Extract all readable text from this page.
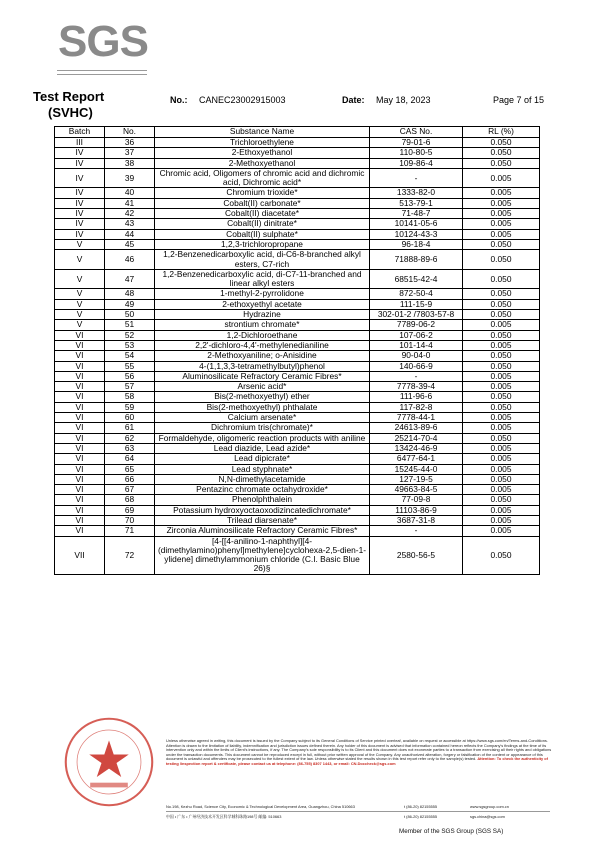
SGS
Test Report
(SVHC)
No.: CANEC23002915003	Date: May 18, 2023	Page 7 of 15
Batch	No.	Substance Name	CAS No.	RL (%)
III	36	Trichloroethylene	79-01-6	0.050
IV	37	2-Ethoxyethanol	110-80-5	0.050
IV	38	2-Methoxyethanol	109-86-4	0.050
IV	39	Chromic acid, Oligomers of chromic acid and dichromic acid, Dichromic acid*	-	0.005
IV	40	Chromium trioxide*	1333-82-0	0.005
IV	41	Cobalt(II) carbonate*	513-79-1	0.005
IV	42	Cobalt(II) diacetate*	71-48-7	0.005
IV	43	Cobalt(II) dinitrate*	10141-05-6	0.005
IV	44	Cobalt(II) sulphate*	10124-43-3	0.005
V	45	1,2,3-trichloropropane	96-18-4	0.050
V	46	1,2-Benzenedicarboxylic acid, di-C6-8-branched alkyl esters, C7-rich	71888-89-6	0.050
V	47	1,2-Benzenedicarboxylic acid, di-C7-11-branched and linear alkyl esters	68515-42-4	0.050
V	48	1-methyl-2-pyrrolidone	872-50-4	0.050
V	49	2-ethoxyethyl acetate	111-15-9	0.050
V	50	Hydrazine	302-01-2 /7803-57-8	0.050
V	51	strontium chromate*	7789-06-2	0.005
VI	52	1,2-Dichloroethane	107-06-2	0.050
VI	53	2,2'-dichloro-4,4'-methylenedianiline	101-14-4	0.005
VI	54	2-Methoxyaniline; o-Anisidine	90-04-0	0.050
VI	55	4-(1,1,3,3-tetramethylbutyl)phenol	140-66-9	0.050
VI	56	Aluminosilicate Refractory Ceramic Fibres*	-	0.005
VI	57	Arsenic acid*	7778-39-4	0.005
VI	58	Bis(2-methoxyethyl) ether	111-96-6	0.050
VI	59	Bis(2-methoxyethyl) phthalate	117-82-8	0.050
VI	60	Calcium arsenate*	7778-44-1	0.005
VI	61	Dichromium tris(chromate)*	24613-89-6	0.005
VI	62	Formaldehyde, oligomeric reaction products with aniline	25214-70-4	0.050
VI	63	Lead diazide, Lead azide*	13424-46-9	0.005
VI	64	Lead dipicrate*	6477-64-1	0.005
VI	65	Lead styphnate*	15245-44-0	0.005
VI	66	N,N-dimethylacetamide	127-19-5	0.050
VI	67	Pentazinc chromate octahydroxide*	49663-84-5	0.005
VI	68	Phenolphthalein	77-09-8	0.050
VI	69	Potassium hydroxyoctaoxodizincatedichromate*	11103-86-9	0.005
VI	70	Trilead diarsenate*	3687-31-8	0.005
VI	71	Zirconia Aluminosilicate Refractory Ceramic Fibres*	-	0.005
VII	72	[4-[[4-anilino-1-naphthyl][4-(dimethylamino)phenyl]methylene]cyclohexa-2,5-dien-1-ylidene] dimethylammonium chloride (C.I. Basic Blue 26)§	2580-56-5	0.050
Unless otherwise agreed in writing, this document is issued by the Company subject to its General Conditions of Service printed overleaf, available on request or accessible at https://www.sgs.com/en/Terms-and-Conditions. Attention is drawn to the limitation of liability, indemnification and jurisdiction issues defined therein. Any holder of this document is advised that information contained hereon reflects the Company's findings at the time of its intervention only and within the limits of Client's instructions, if any. The Company's sole responsibility is to its Client and this document does not exonerate parties to a transaction from exercising all their rights and obligations under the transaction documents. This document cannot be reproduced except in full, without prior written approval of the Company. Any unauthorized alteration, forgery or falsification of the content or appearance of this document is unlawful and offenders may be prosecuted to the fullest extent of the law. Unless otherwise stated the results shown in this test report refer only to the sample(s) tested. Attention: To check the authenticity of testing /inspection report & certificate, please contact us at telephone: (86-755) 8307 1443, or email: CN.Doccheck@sgs.com
No.198, Kezhu Road, Science City, Economic & Technological Development Area, Guangzhou, China 510663
中国 • 广东 • 广州经济技术开发区科学城科珠路198号 邮编: 510663
t (86-20) 82155555
t (86-20) 82155555
www.sgsgroup.com.cn
sgs.china@sgs.com
Member of the SGS Group (SGS SA)
